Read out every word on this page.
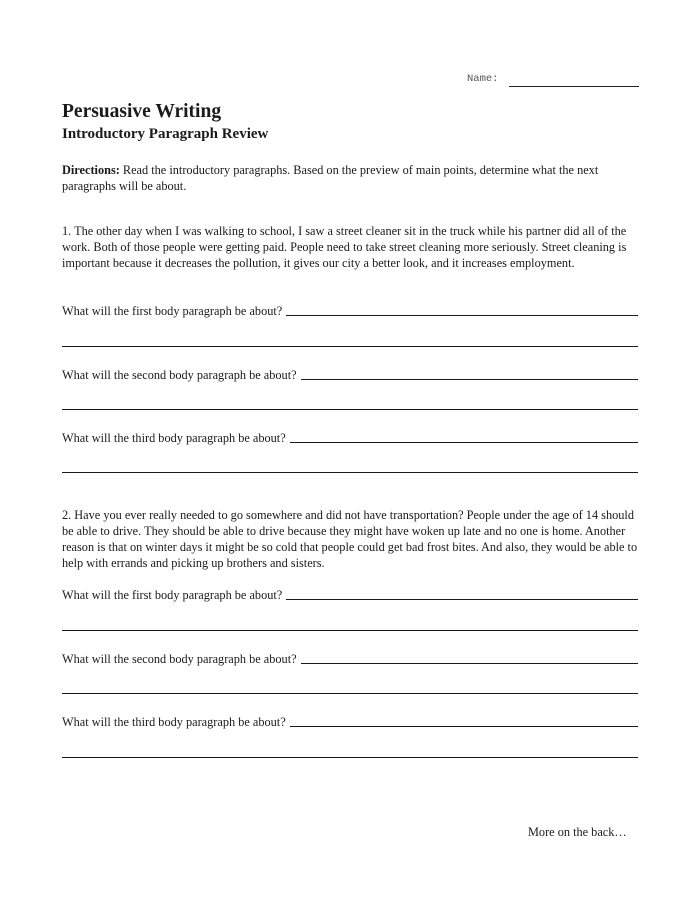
Name:
Persuasive Writing
Introductory Paragraph Review

Directions: Read the introductory paragraphs. Based on the preview of main points, determine what the next paragraphs will be about.

1. The other day when I was walking to school, I saw a street cleaner sit in the truck while his partner did all of the work. Both of those people were getting paid. People need to take street cleaning more seriously. Street cleaning is important because it decreases the pollution, it gives our city a better look, and it increases employment.

What will the first body paragraph be about?
What will the second body paragraph be about?
What will the third body paragraph be about?

2. Have you ever really needed to go somewhere and did not have transportation? People under the age of 14 should be able to drive. They should be able to drive because they might have woken up late and no one is home. Another reason is that on winter days it might be so cold that people could get bad frost bites. And also, they would be able to help with errands and picking up brothers and sisters.

What will the first body paragraph be about?
What will the second body paragraph be about?
What will the third body paragraph be about?
More on the back…
